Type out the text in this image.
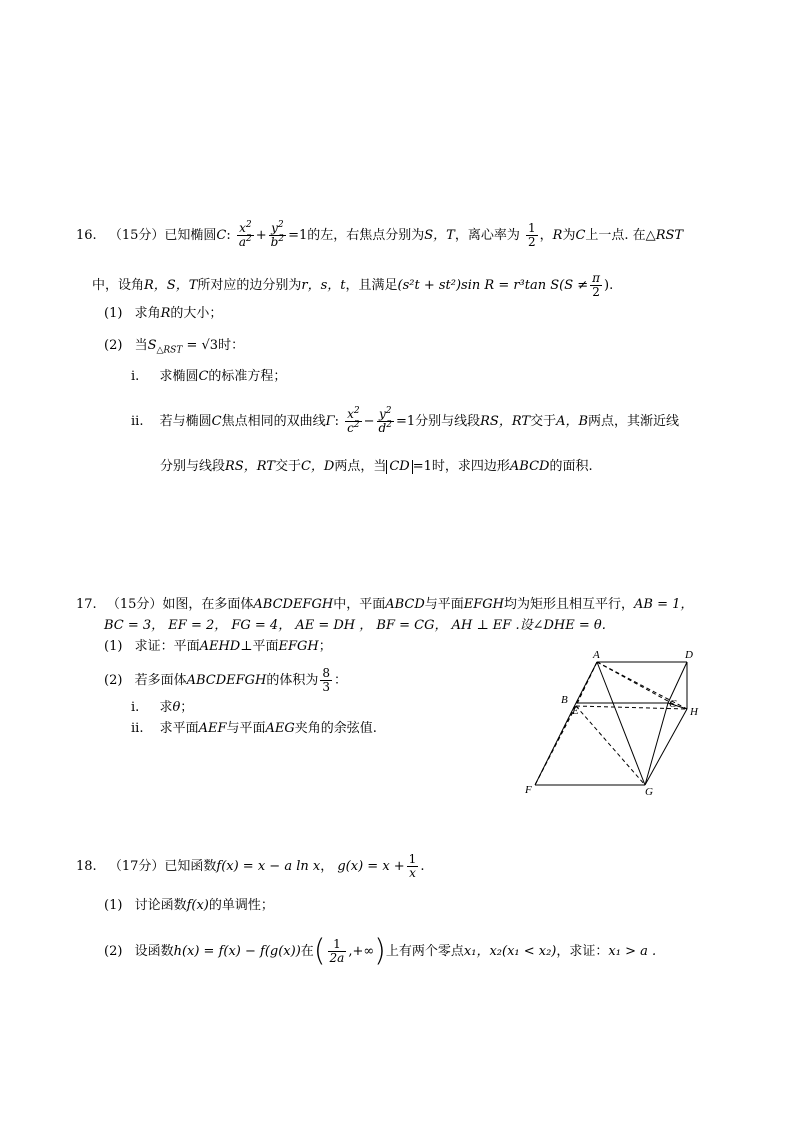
16. （15分）已知椭圆C: $\frac{x^2}{a^2} + \frac{y^2}{b^2} =1$的左，右焦点分别为S，T，离心率为 $\frac{1}{2}$ ，R为C上一点. 在△RST
中，设角R，S，T所对应的边分别为r，s，t，且满足(s²t + st²)sin R = r³tan $S(S \ne \frac{\pi}{2}$ ).
(1) 求角R的大小；
(2) 当$S_{\triangle RST} = √3$时：
i. 求椭圆C的标准方程；
ii. 若与椭圆C焦点相同的双曲线Γ: $\frac{x^2}{c^2} - \frac{y^2}{d^2} =1$分别与线段RS，RT交于A，B两点，其渐近线
分别与线段RS，RT交于C，D两点，当 CD =1时，求四边形ABCD的面积.
17. （15分）如图，在多面体ABCDEFGH中，平面ABCD与平面EFGH均为矩形且相互平行，AB = 1，
BC = 3， EF = 2， FG = 4， AE = DH ， BF = CG， AH ⊥ EF .设∠DHE = θ.
(1) 求证：平面AEHD⊥平面EFGH；
(2) 若多面体ABCDEFGH的体积为 $\frac{8}{3}$ ：
i. 求θ；
ii. 求平面AEF与平面AEG夹角的余弦值.
A	D
B
E
C
H
F	G
18. （17分）已知函数f(x) = x − a ln x， $g(x) = x + \frac{1}{x}$ .
(1) 讨论函数f(x)的单调性；
(2) 设函数h(x) = f(x) − f(g(x))在( $\frac{1}{2a}$ ,+∞)上有两个零点x₁，x₂(x₁ < x₂)，求证：x₁ > a .
